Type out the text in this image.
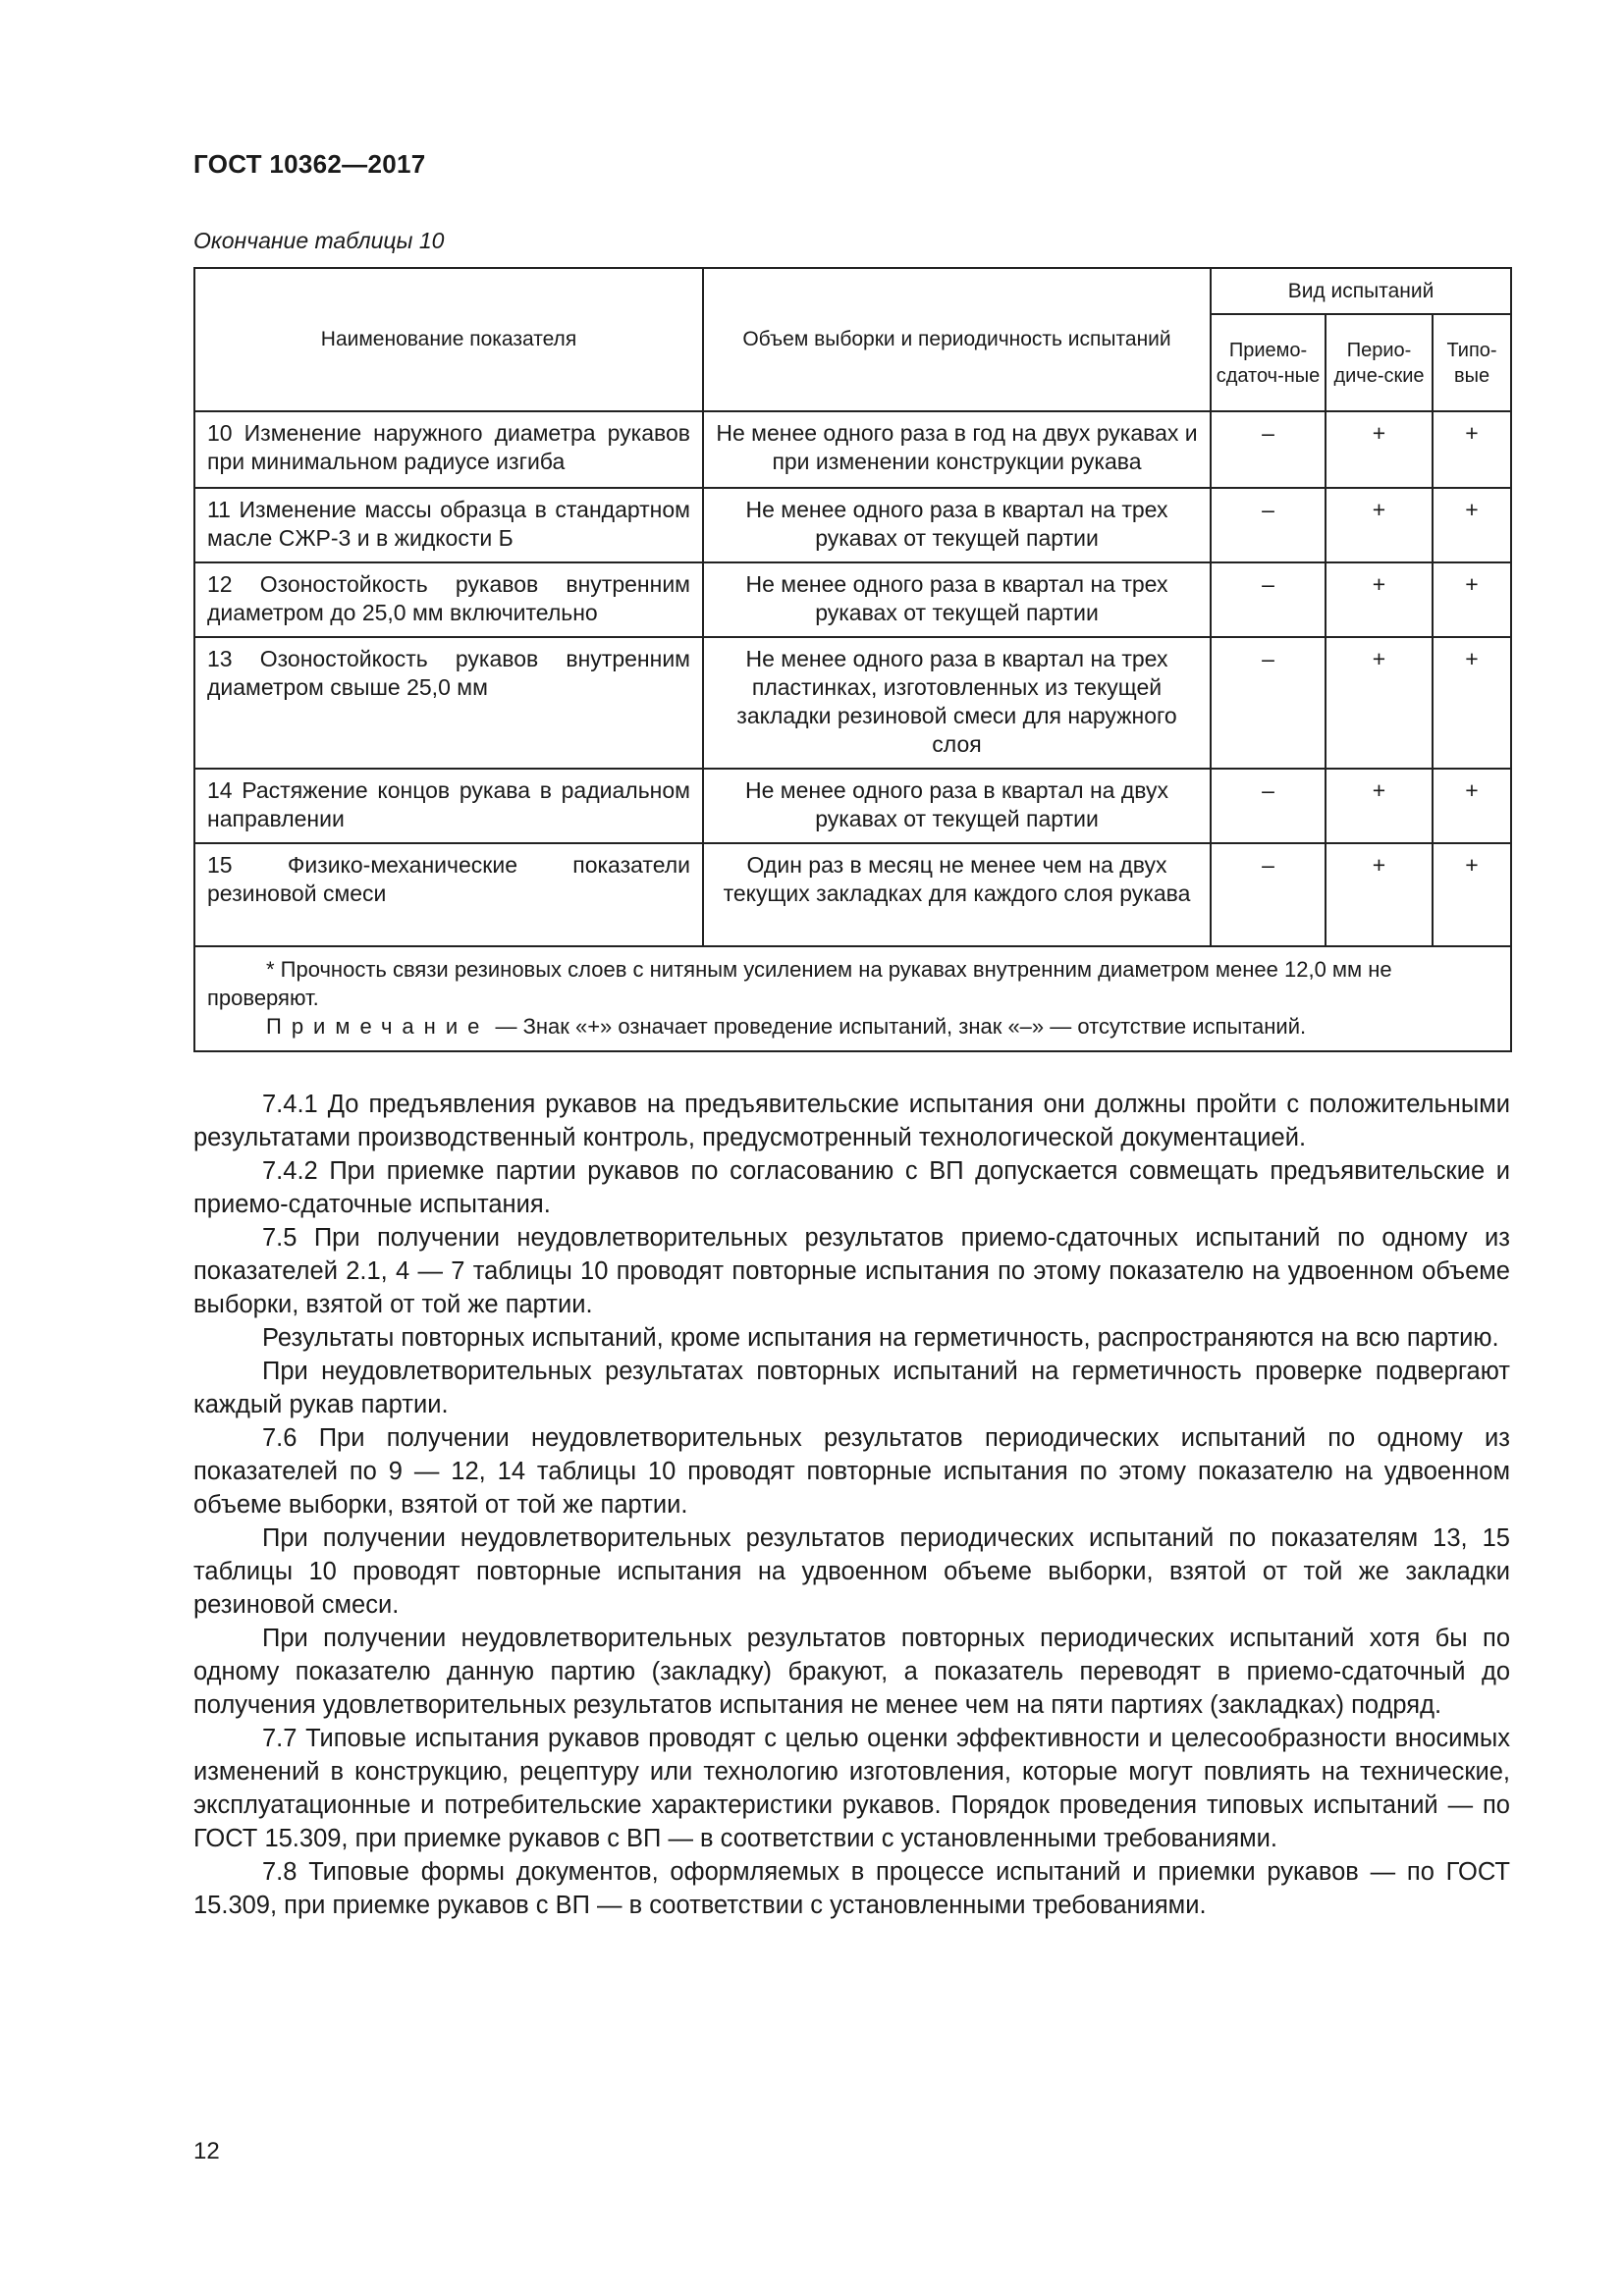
ГОСТ 10362—2017
Окончание таблицы 10
Наименование показателя	Объем выборки и периодичность испытаний	Вид испытаний		
		Приемо-сдаточ-ные	Перио-диче-ские	Типо-вые
10 Изменение наружного диаметра рукавов при минимальном радиусе изгиба	Не менее одного раза в год на двух рукавах и при изменении конструкции рукава	–	+	+
11 Изменение массы образца в стандартном масле СЖР-3 и в жидкости Б	Не менее одного раза в квартал на трех рукавах от текущей партии	–	+	+
12 Озоностойкость рукавов внутренним диаметром до 25,0 мм включительно	Не менее одного раза в квартал на трех рукавах от текущей партии	–	+	+
13 Озоностойкость рукавов внутренним диаметром свыше 25,0 мм	Не менее одного раза в квартал на трех пластинках, изготовленных из текущей закладки резиновой смеси для наружного слоя	–	+	+
14 Растяжение концов рукава в радиальном направлении	Не менее одного раза в квартал на двух рукавах от текущей партии	–	+	+
15 Физико-механические показатели резиновой смеси	Один раз в месяц не менее чем на двух текущих закладках для каждого слоя рукава	–	+	+

* Прочность связи резиновых слоев с нитяным усилением на рукавах внутренним диаметром менее 12,0 мм не проверяют.
Примечание — Знак «+» означает проведение испытаний, знак «–» — отсутствие испытаний.				

7.4.1 До предъявления рукавов на предъявительские испытания они должны пройти с положительными результатами производственный контроль, предусмотренный технологической документацией.

7.4.2 При приемке партии рукавов по согласованию с ВП допускается совмещать предъявительские и приемо-сдаточные испытания.

7.5 При получении неудовлетворительных результатов приемо-сдаточных испытаний по одному из показателей 2.1, 4 — 7 таблицы 10 проводят повторные испытания по этому показателю на удвоенном объеме выборки, взятой от той же партии.

Результаты повторных испытаний, кроме испытания на герметичность, распространяются на всю партию.

При неудовлетворительных результатах повторных испытаний на герметичность проверке подвергают каждый рукав партии.

7.6 При получении неудовлетворительных результатов периодических испытаний по одному из показателей по 9 — 12, 14 таблицы 10 проводят повторные испытания по этому показателю на удвоенном объеме выборки, взятой от той же партии.

При получении неудовлетворительных результатов периодических испытаний по показателям 13, 15 таблицы 10 проводят повторные испытания на удвоенном объеме выборки, взятой от той же закладки резиновой смеси.

При получении неудовлетворительных результатов повторных периодических испытаний хотя бы по одному показателю данную партию (закладку) бракуют, а показатель переводят в приемо-сдаточный до получения удовлетворительных результатов испытания не менее чем на пяти партиях (закладках) подряд.

7.7 Типовые испытания рукавов проводят с целью оценки эффективности и целесообразности вносимых изменений в конструкцию, рецептуру или технологию изготовления, которые могут повлиять на технические, эксплуатационные и потребительские характеристики рукавов. Порядок проведения типовых испытаний — по ГОСТ 15.309, при приемке рукавов с ВП — в соответствии с установленными требованиями.

7.8 Типовые формы документов, оформляемых в процессе испытаний и приемки рукавов — по ГОСТ 15.309, при приемке рукавов с ВП — в соответствии с установленными требованиями.

12
